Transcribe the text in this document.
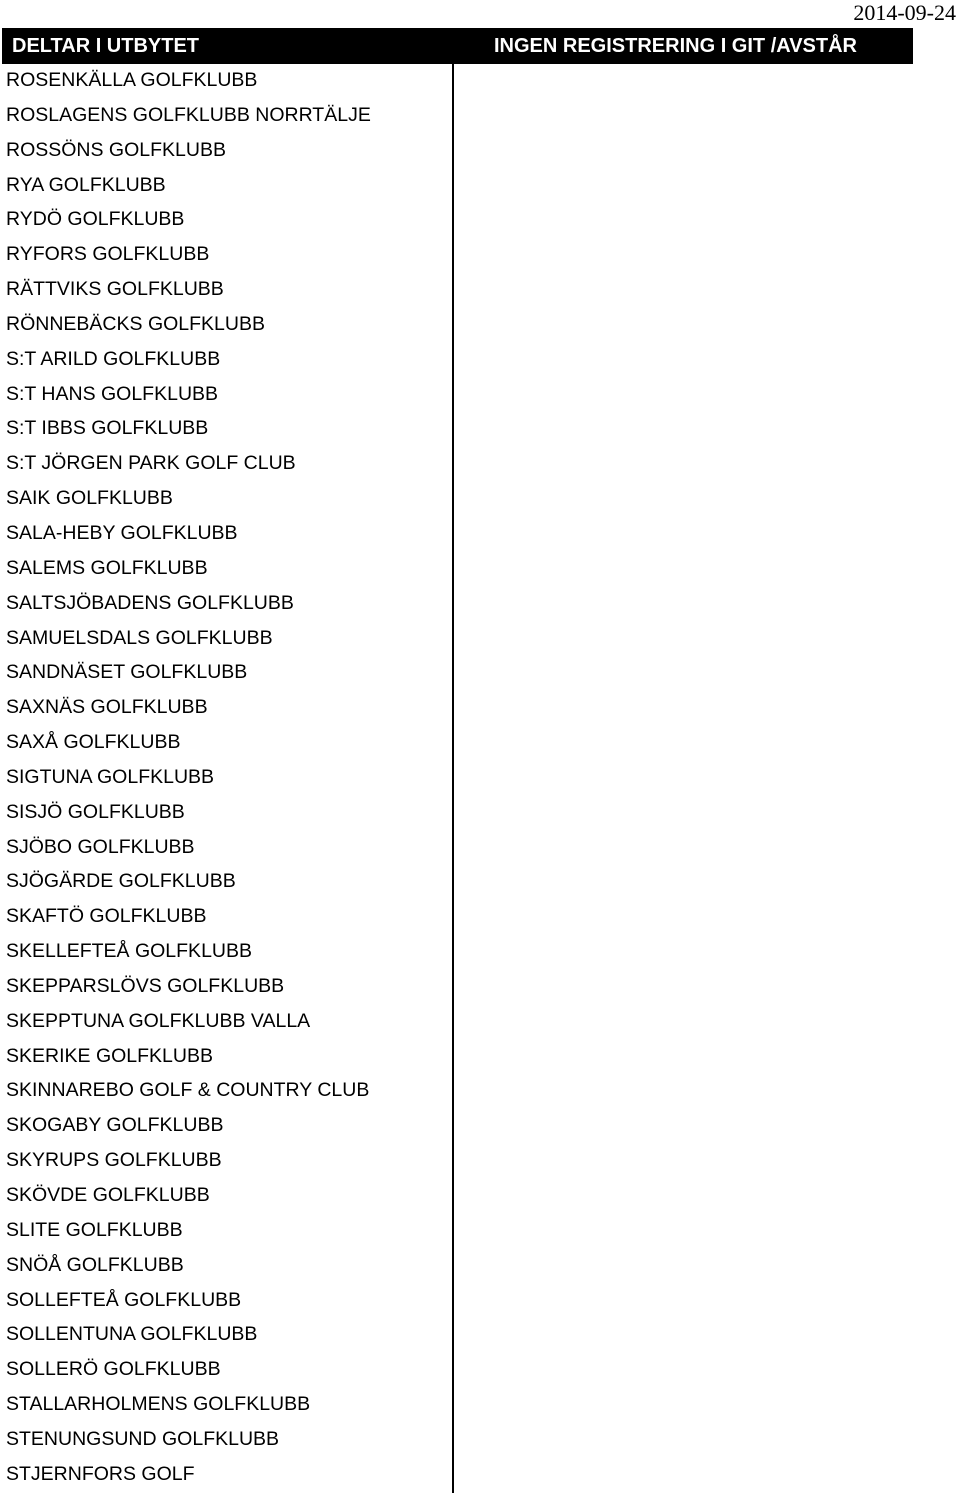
2014-09-24
DELTAR I UTBYTET	INGEN REGISTRERING I GIT /AVSTÅR
ROSENKÄLLA GOLFKLUBB
ROSLAGENS GOLFKLUBB NORRTÄLJE
ROSSÖNS GOLFKLUBB
RYA GOLFKLUBB
RYDÖ GOLFKLUBB
RYFORS GOLFKLUBB
RÄTTVIKS GOLFKLUBB
RÖNNEBÄCKS GOLFKLUBB
S:T ARILD GOLFKLUBB
S:T HANS GOLFKLUBB
S:T IBBS GOLFKLUBB
S:T JÖRGEN PARK GOLF CLUB
SAIK GOLFKLUBB
SALA-HEBY GOLFKLUBB
SALEMS GOLFKLUBB
SALTSJÖBADENS GOLFKLUBB
SAMUELSDALS GOLFKLUBB
SANDNÄSET GOLFKLUBB
SAXNÄS GOLFKLUBB
SAXÅ GOLFKLUBB
SIGTUNA GOLFKLUBB
SISJÖ GOLFKLUBB
SJÖBO GOLFKLUBB
SJÖGÄRDE GOLFKLUBB
SKAFTÖ GOLFKLUBB
SKELLEFTEÅ GOLFKLUBB
SKEPPARSLÖVS GOLFKLUBB
SKEPPTUNA GOLFKLUBB VALLA
SKERIKE GOLFKLUBB
SKINNAREBO GOLF & COUNTRY CLUB
SKOGABY GOLFKLUBB
SKYRUPS GOLFKLUBB
SKÖVDE GOLFKLUBB
SLITE GOLFKLUBB
SNÖÅ GOLFKLUBB
SOLLEFTEÅ GOLFKLUBB
SOLLENTUNA GOLFKLUBB
SOLLERÖ GOLFKLUBB
STALLARHOLMENS GOLFKLUBB
STENUNGSUND GOLFKLUBB
STJERNFORS GOLF
